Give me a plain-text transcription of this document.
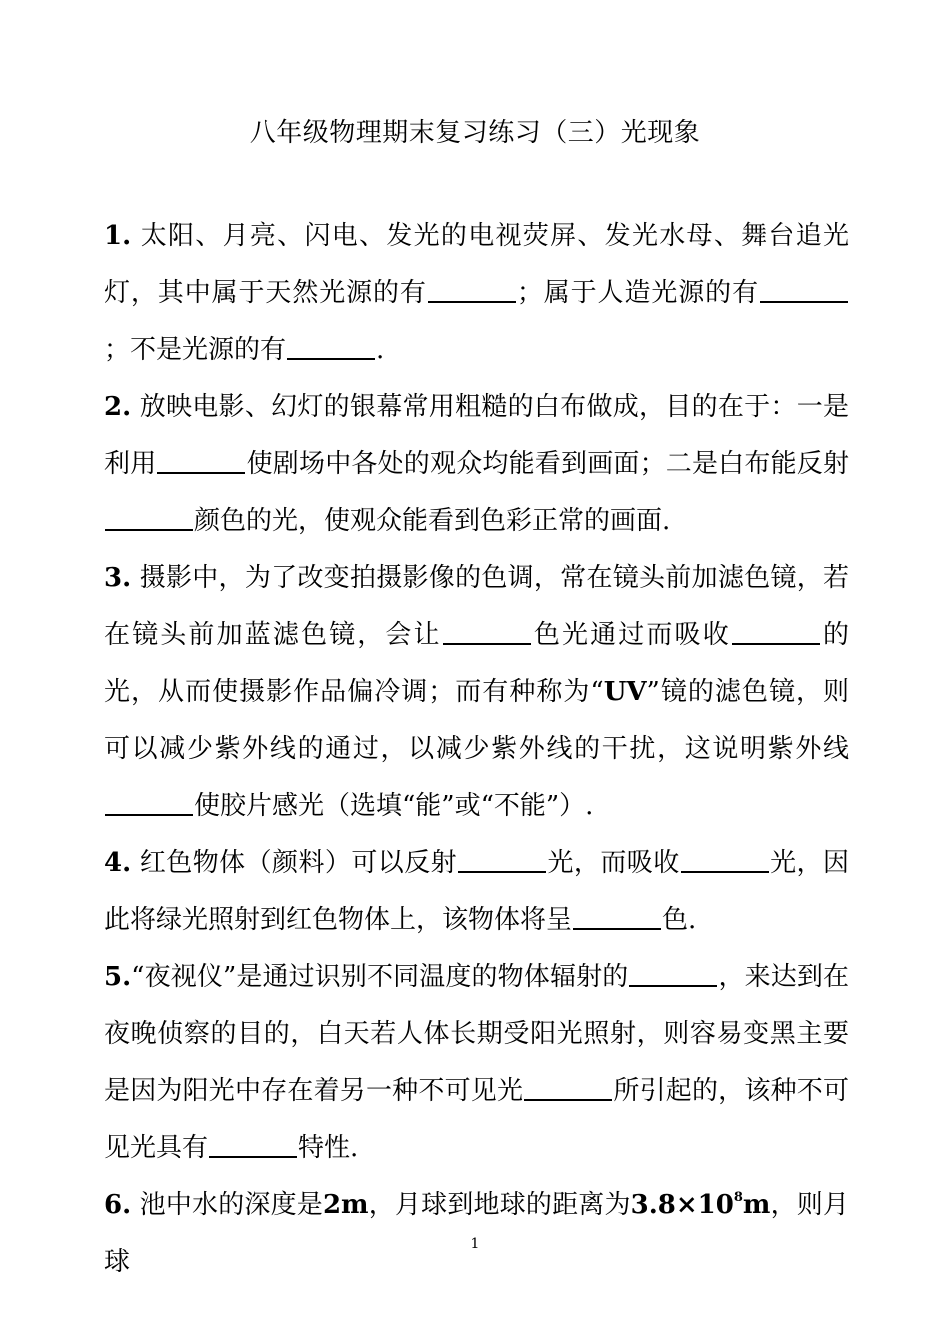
八年级物理期末复习练习（三）光现象

1. 太阳、月亮、闪电、发光的电视荧屏、发光水母、舞台追光灯，其中属于天然光源的有	；属于人造光源的有；不是光源的有	.

2. 放映电影、幻灯的银幕常用粗糙的白布做成，目的在于：一是利用	使剧场中各处的观众均能看到画面；二是白布能反射颜色的光，使观众能看到色彩正常的画面.

3. 摄影中，为了改变拍摄影像的色调，常在镜头前加滤色镜，若在镜头前加蓝滤色镜，会让	色光通过而吸收	的光，从而使摄影作品偏冷调；而有种称为“UV”镜的滤色镜，则可以减少紫外线的通过，以减少紫外线的干扰，这说明紫外线使胶片感光（选填“能”或“不能”）.

4. 红色物体（颜料）可以反射	光，而吸收	光，因此将绿光照射到红色物体上，该物体将呈	色.

5.“夜视仪”是通过识别不同温度的物体辐射的	，来达到在夜晚侦察的目的，白天若人体长期受阳光照射，则容易变黑主要是因为阳光中存在着另一种不可见光	所引起的，该种不可见光具有	特性.

6. 池中水的深度是2m，月球到地球的距离为$3.8\times 10^8m$，则月球

1
